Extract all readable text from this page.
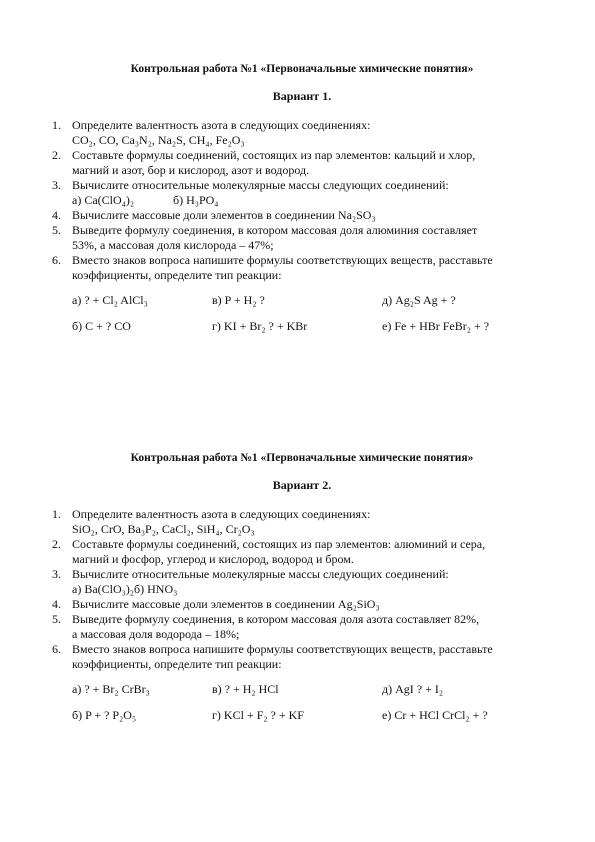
Контрольная работа №1 «Первоначальные химические понятия»
Вариант 1.
1. Определите валентность азота в следующих соединениях:
CO₂, CO, Ca₃N₂, Na₂S, CH₄, Fe₂O₃
2. Составьте формулы соединений, состоящих из пар элементов: кальций и хлор,
магний и азот, бор и кислород, азот и водород.
3. Вычислите относительные молекулярные массы следующих соединений:
а) Ca(ClO₄)₂             б) H₃PO₄
4. Вычислите массовые доли элементов в соединении Na₂SO₃
5. Выведите формулу соединения, в котором массовая доля алюминия составляет
53%, а массовая доля кислорода – 47%;
6. Вместо знаков вопроса напишите формулы соответствующих веществ, расставьте
коэффициенты, определите тип реакции:
а) ? + Cl₂ AlCl₃	в) P + H₂ ?	д) Ag₂S Ag + ?
б) C + ? CO	г) KI + Br₂ ? + KBr	е) Fe + HBr FeBr₂ + ?
Контрольная работа №1 «Первоначальные химические понятия»
Вариант 2.
1. Определите валентность азота в следующих соединениях:
SiO₂, CrO, Ba₃P₂, CaCl₂, SiH₄, Cr₂O₃
2. Составьте формулы соединений, состоящих из пар элементов: алюминий и сера,
магний и фосфор, углерод и кислород, водород и бром.
3. Вычислите относительные молекулярные массы следующих соединений:
а) Ba(ClO₃)₂б) HNO₃
4. Вычислите массовые доли элементов в соединении Ag₂SiO₃
5. Выведите формулу соединения, в котором массовая доля азота составляет 82%,
а массовая доля водорода – 18%;
6. Вместо знаков вопроса напишите формулы соответствующих веществ, расставьте
коэффициенты, определите тип реакции:
а) ? + Br₂ CrBr₃	в) ? + H₂ HCl	д) AgI ? + I₂
б) P + ? P₂O₅	г) KCl + F₂ ? + KF	е) Cr + HCl CrCl₂ + ?
